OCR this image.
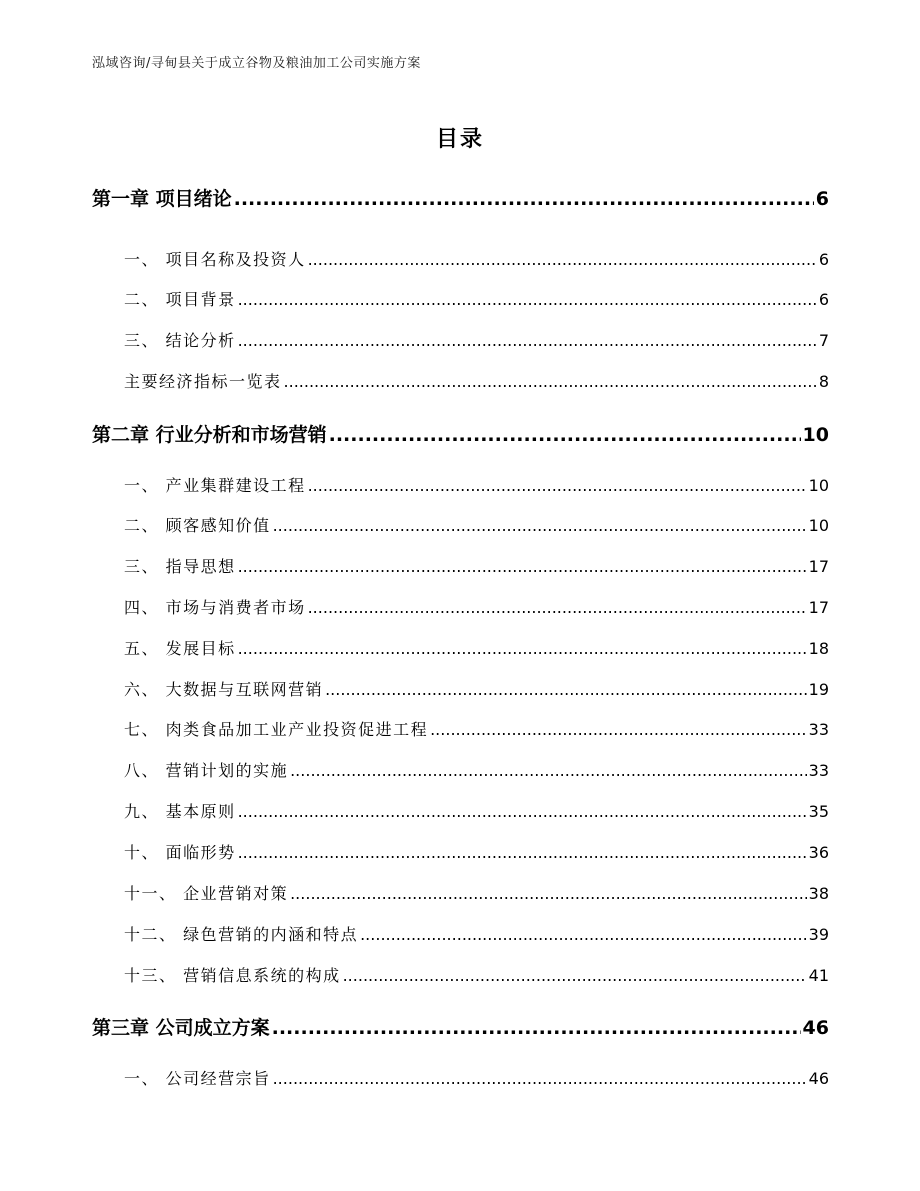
泓域咨询/寻甸县关于成立谷物及粮油加工公司实施方案
目录
第一章 项目绪论 .....	6
一、 项目名称及投资人 .....	6
二、 项目背景 .....	6
三、 结论分析 .....	7
主要经济指标一览表 .....	8
第二章 行业分析和市场营销 .....	10
一、 产业集群建设工程 .....	10
二、 顾客感知价值 .....	10
三、 指导思想 .....	17
四、 市场与消费者市场 .....	17
五、 发展目标 .....	18
六、 大数据与互联网营销 .....	19
七、 肉类食品加工业产业投资促进工程 .....	33
八、 营销计划的实施 .....	33
九、 基本原则 .....	35
十、 面临形势 .....	36
十一、 企业营销对策 .....	38
十二、 绿色营销的内涵和特点 .....	39
十三、 营销信息系统的构成 .....	41
第三章 公司成立方案 .....	46
一、 公司经营宗旨 .....	46
